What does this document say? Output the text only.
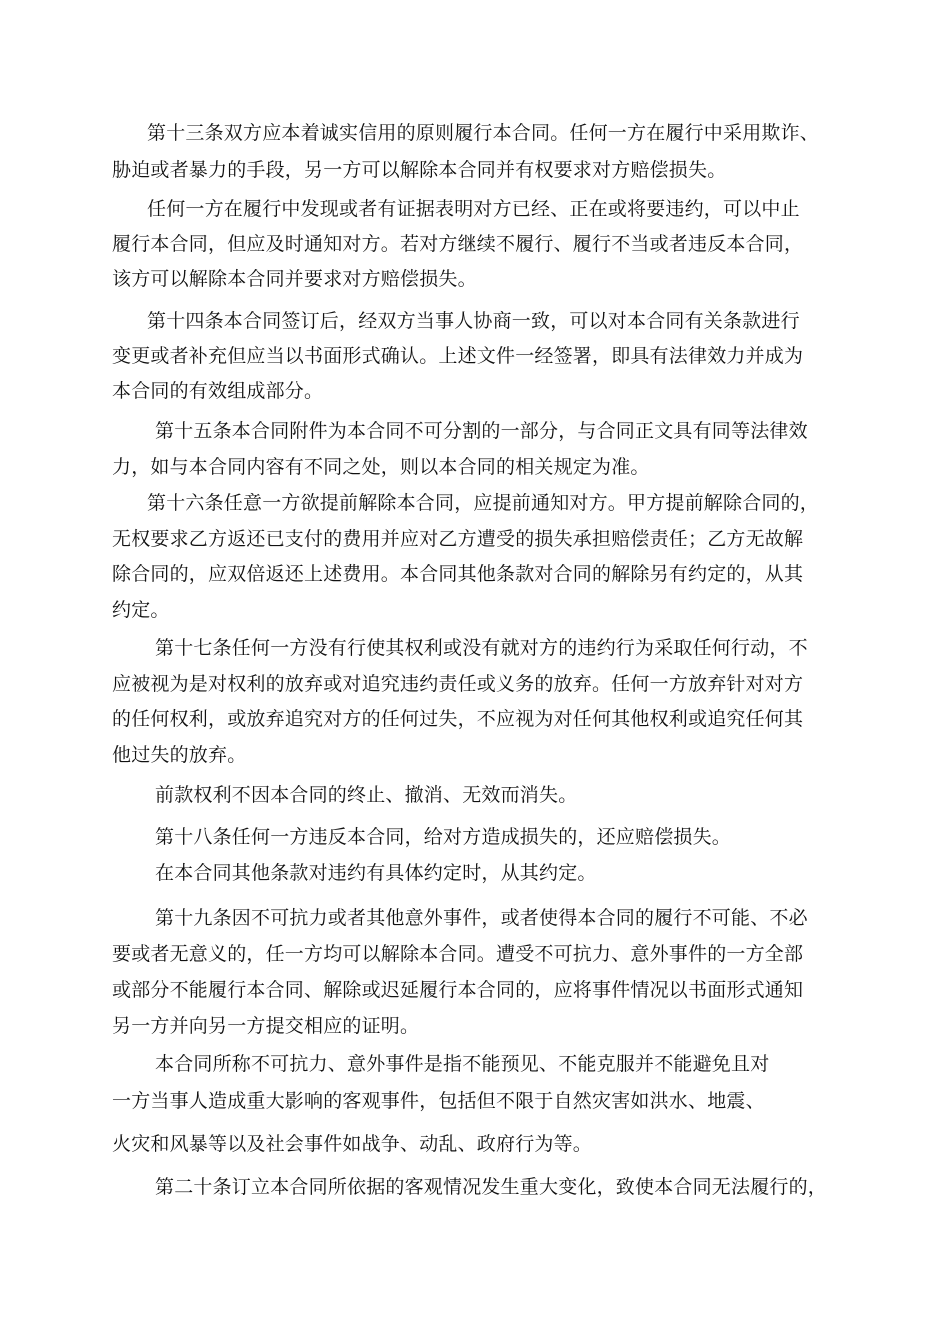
第十三条双方应本着诚实信用的原则履行本合同。任何一方在履行中采用欺诈、
胁迫或者暴力的手段，另一方可以解除本合同并有权要求对方赔偿损失。
任何一方在履行中发现或者有证据表明对方已经、正在或将要违约，可以中止
履行本合同，但应及时通知对方。若对方继续不履行、履行不当或者违反本合同，
该方可以解除本合同并要求对方赔偿损失。
第十四条本合同签订后，经双方当事人协商一致，可以对本合同有关条款进行
变更或者补充但应当以书面形式确认。上述文件一经签署，即具有法律效力并成为
本合同的有效组成部分。
第十五条本合同附件为本合同不可分割的一部分，与合同正文具有同等法律效
力，如与本合同内容有不同之处，则以本合同的相关规定为准。
第十六条任意一方欲提前解除本合同，应提前通知对方。甲方提前解除合同的，
无权要求乙方返还已支付的费用并应对乙方遭受的损失承担赔偿责任；乙方无故解
除合同的，应双倍返还上述费用。本合同其他条款对合同的解除另有约定的，从其
约定。
第十七条任何一方没有行使其权利或没有就对方的违约行为采取任何行动，不
应被视为是对权利的放弃或对追究违约责任或义务的放弃。任何一方放弃针对对方
的任何权利，或放弃追究对方的任何过失，不应视为对任何其他权利或追究任何其
他过失的放弃。
前款权利不因本合同的终止、撤消、无效而消失。
第十八条任何一方违反本合同，给对方造成损失的，还应赔偿损失。
在本合同其他条款对违约有具体约定时，从其约定。
第十九条因不可抗力或者其他意外事件，或者使得本合同的履行不可能、不必
要或者无意义的，任一方均可以解除本合同。遭受不可抗力、意外事件的一方全部
或部分不能履行本合同、解除或迟延履行本合同的，应将事件情况以书面形式通知
另一方并向另一方提交相应的证明。
本合同所称不可抗力、意外事件是指不能预见、不能克服并不能避免且对
一方当事人造成重大影响的客观事件，包括但不限于自然灾害如洪水、地震、
火灾和风暴等以及社会事件如战争、动乱、政府行为等。
第二十条订立本合同所依据的客观情况发生重大变化，致使本合同无法履行的，
